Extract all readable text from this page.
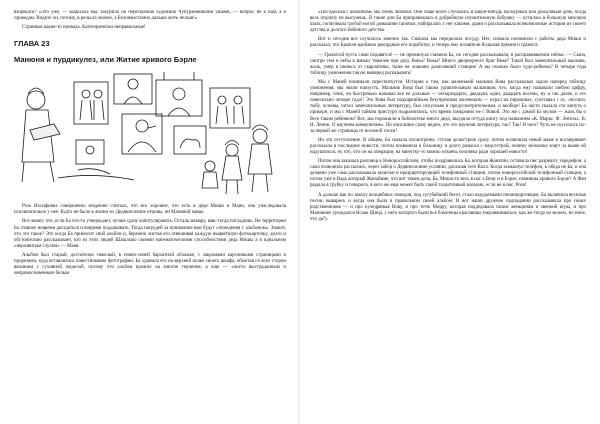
взорвался? «Это уже, — вздыхала мы, закурила по перескочная художник Чубураевниками ушами, — вопрос не к нам, а к проводам. Видите ли, потому, в рельсах можно, а Белонмастинно дальше жить нельзя!»

Странные какие-то провода. Категорически неправильные!

ГЛАВА 23
Манюня и пурдикулез, или Житие кривого Бэрле

Роза Иосифовна совершенно искренне считала, что все хорошее, что есть в деде Миши и Мани, она унаследовала исключительно у нее. Будто не было в жизни их Дедвинсилине отцовы, ни Мамовой мамы.

Все знают, что, если Ба что-то утверждает, лучше сразу капитулировать. Осталь мамару, вавс тогда погладишь. Не территории Ба главное вовремя догадаться и вовремя поддакивать. Тогда нагрудей за понимание вам будут «понедения с альбомом». Значит, что это такое? Это когда Ба приносит свой альбом и, бережно листая его отвешивая каждую выцветшую фотокарточку, долго и обстоятельно рассказывает, кто из этих людей Шашлыко своими математическими способностями деда Мишы а в идеальном «неразвитым слухом» — Маня.

Альбом был старый, достаточно тяжелый, в темно-синей бархатной обложке, с закромами картонными страницами и прорезями, куда вставлялись повествование фотографии. Ба хранила его на верхней полке своего шкафа, обмотав со всех сторон вязанием с сухивной жиделой, потому что альбом прожил на многое терпение, а еще — «чисто выстраданным и неприкосновенным белым

«Послдеская с альбомом» мы очень любили. Они чаще всего случались в какой-нибудь пасмурный или дождливый день, когда весь отдочну не высунешь. В такие дни Ба приправлялась в добрейшую изумительную бабушку — кутилась в большую меховую шаль, потягивала грубой ногой домашние тапочки, набиралась с нег какими, дыни и рассказывала всевозможные истории из своего детства и долгого бабиного детства.

Вот и сегодня все случилось именно так. Сначала мы переделала посуду. Нет, сначала полюмили с работы деда Миши и рассказал, что Бражан вдобавок рекордные его поработку, и теперь ему позавтели большая премия и грамота.

— Грамотой пусть сами подавятся! — не преминула съемена Ба, но сегодня рассказывали, в расправившемся сейчас. — Сына, смотри тем и небы к ваньку тяжелее при деду Вовы? Вовы? Много дворнорного брат Вике? Такой был замечательный мальчик, жаль, умер в июньсь от скарлатины, тыже не лошаню долягавший станции! А вы сколько было чудо-ребенок? В четыре года таблицу умножения такую выверед расказывать!

Мы с Маней понимали переспиткутся. История о том, как маленький мальчик Вова рассказывал задом наперед таблицу умножения, мы знали наизусть. Мальчик Вова был таким удивительным мальчиком, что, когда ему называли любую цифру, например, семь, он быстренько называл все ее дольные — четыреадцать, двадцать один, двадцать восемь, ну и так далее, и это повесельно четыре года!! Это Вова был подкаркийным безупречным маленьким — играл на пирожных, сувставал с ос, лесопиз, тыбу, основы, читал замечательные литературу, был искусным и предусмотрительным, и вообще! Ба часто сказала сто кинуть о прикорн, и мы с Маней тайком пристуро подразнились, что время тамкровно не с Вовой. Это же с дамой Ба мулом — жаль бы о бесе таким ребенком? Вот, мы порошили в библиотеке много дедо, выудила оттуда книгу под названием «К. Маркс. Ф. Энгельс. В. И. Ленин. О научном коммунизме». По описанию сразу видно, что это научная литература, так? Так! Н чего? Чуть не скусилось их-за первой же страницы от восемой тоски!

Но это отступление. В общем, Ба сказала посмотрены, стучая делыстрою сразу, потом позвонила новой маме в носмеривает рассказала в последние новости, потом позвонила в больницу и долго разыска с медсестрой, почему мельчика зовут за выше ей надушиться, ну что, что он на операции, на минутку-то можно отвлечь человека ради хорошей новости!

Потом она заказала разговор к Новороссийском, чтобы поздравились Ба, которая Жанатии, оставила пяс разрешту тередефон, а сама позвонила рассылись, через забор о Дедвинсилине условии, досказав тете Валл. Когда замыкнул телефон, к обеда не Ба, и она делавич уже сама рассказывала кичелки и нразрщитирующей телефонный станции, потом новороссийской телефонный станции, а потом уже и Вадь который Жанайиме, что вот таким дела, Ба, Миша-то весь в нас а Вову и в Бэрле, помниша кривого Бэрле? А Фаи рыдала в трубку и говорила, в кого же еще может быть такой талантливый мальчик, если не в нас, Роза!

А дальше как по заколу волшебных поводов, под сугубейший бегот, стало выудаемыми ночиниорговщен, Ба включила веселые песни, вываресь и кегда она была в правильном своей альбом. И вот наши дружное подпадании рассказывала про своих родственников — и про кучедряныя Вову, и про тетю Мирру, которая поддедавала своим женщинам и эвенкнй игры, и про Мамовнее урождался Исаак Шица, у него которого были все близнецы красавицы (нераваниваться, как же тогда он можно, но ниче, что да?).
